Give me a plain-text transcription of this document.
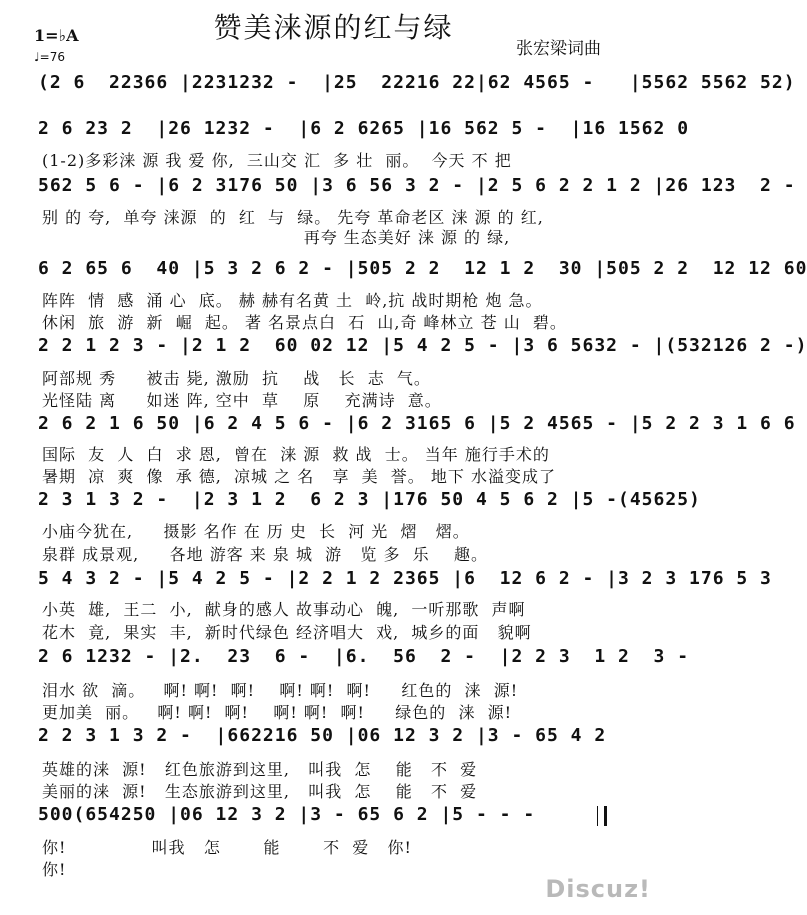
赞美涞源的红与绿
1=♭A
♩=76	张宏梁词曲
(2 6  22366 |2231232 -  |25  22216 22|62 4565 -   |5562 5562 52)
2 6 23 2  |26 1232 -  |6 2 6265 |16 562 5 -  |16 1562 0
(1-2)多彩涞 源 我 爱 你,  三山交 汇  多 壮  丽。  今天 不 把
562 5 6 - |6 2 3176 50 |3 6 56 3 2 - |2 5 6 2 2 1 2 |26 123  2 -
别 的 夸,  单夸 涞源  的  红  与  绿。 先夸 革命老区 涞 源 的 红,
再夸 生态美好 涞 源 的 绿,
6 2 65 6  40 |5 3 2 6 2 - |505 2 2  12 1 2  30 |505 2 2  12 12 60
阵阵  情  感  涌 心  底。 赫 赫有名黄 土  岭,抗 战时期枪 炮 急。
休闲  旅  游  新  崛  起。 著 名景点白  石  山,奇 峰林立 苍 山  碧。
2 2 1 2 3 - |2 1 2  60 02 12 |5 4 2 5 - |3 6 5632 - |(532126 2 -)
阿部规 秀     被击 毙, 激励  抗    战   长  志  气。
光怪陆 离     如迷 阵, 空中  草    原    充满诗  意。
2 6 2 1 6 50 |6 2 4 5 6 - |6 2 3165 6 |5 2 4565 - |5 2 2 3 1 6 6
国际  友  人  白  求 恩,  曾在  涞 源  救 战  士。 当年 施行手术的
暑期  凉  爽  像  承 德,  凉城 之 名   享  美  誉。 地下 水溢变成了
2 3 1 3 2 -  |2 3 1 2  6 2 3 |176 50 4 5 6 2 |5 -(45625)
小庙今犹在,     摄影 名作 在 历 史  长  河 光  熠   熠。
泉群 成景观,     各地 游客 来 泉 城  游   览 多  乐    趣。
5 4 3 2 - |5 4 2 5 - |2 2 1 2 2365 |6  12 6 2 - |3 2 3 176 5 3
小英  雄,  王二  小,  献身的感人 故事动心  魄,  一听那歌  声啊
花木  竟,  果实  丰,  新时代绿色 经济唱大  戏,  城乡的面   貌啊
2 6 1232 - |2.  23  6 -  |6.  56  2 -  |2 2 3  1 2  3 -
泪水 欲  滴。   啊! 啊!  啊!    啊! 啊!  啊!     红色的  涞  源!
更加美  丽。   啊! 啊!  啊!    啊! 啊!  啊!     绿色的  涞  源!
2 2 3 1 3 2 -  |662216 50 |06 12 3 2 |3 - 65 4 2
英雄的涞  源!   红色旅游到这里,   叫我  怎    能   不  爱
美丽的涞  源!   生态旅游到这里,   叫我  怎    能   不  爱
500(654250 |06 12 3 2 |3 - 65 6 2 |5 - - -
你!              叫我   怎       能       不  爱   你!
你!
Discuz!
